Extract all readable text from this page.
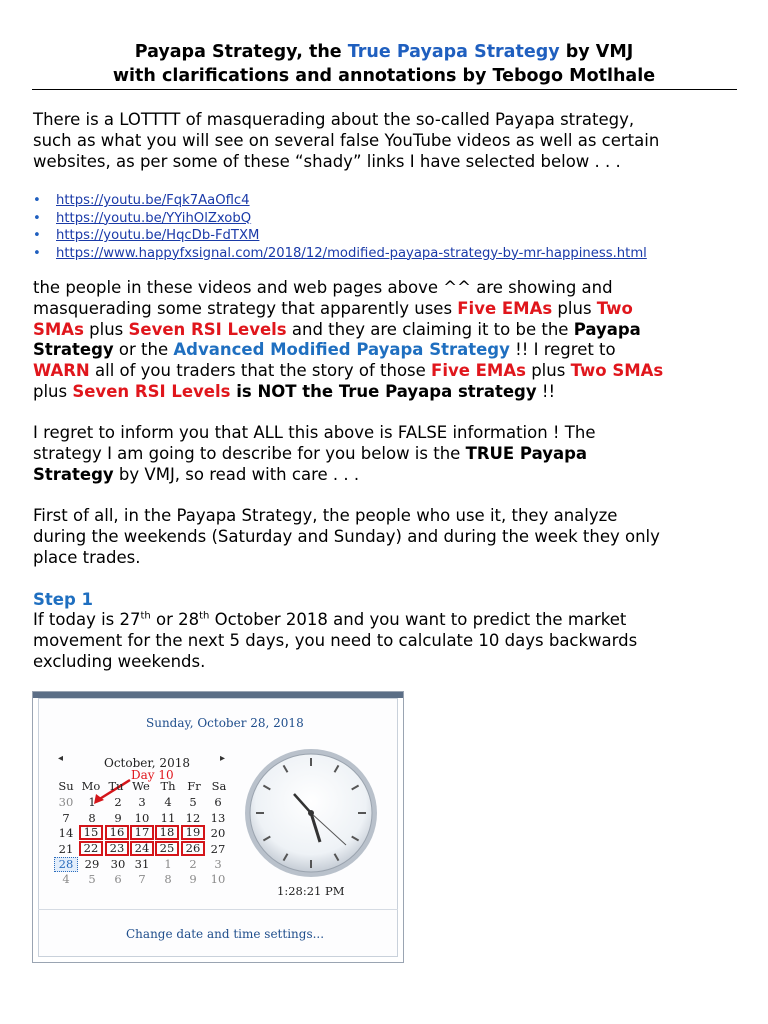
Payapa Strategy, the True Payapa Strategy by VMJ
with clarifications and annotations by Tebogo Motlhale
There is a LOTTTT of masquerading about the so-called Payapa strategy,
such as what you will see on several false YouTube videos as well as certain
websites, as per some of these “shady” links I have selected below . . .
• https://youtu.be/Fqk7AaOflc4
• https://youtu.be/YYihOlZxobQ
• https://youtu.be/HqcDb-FdTXM
• https://www.happyfxsignal.com/2018/12/modified-payapa-strategy-by-mr-happiness.html
the people in these videos and web pages above ^^ are showing and
masquerading some strategy that apparently uses Five EMAs plus Two
SMAs plus Seven RSI Levels and they are claiming it to be the Payapa
Strategy or the Advanced Modified Payapa Strategy !! I regret to
WARN all of you traders that the story of those Five EMAs plus Two SMAs
plus Seven RSI Levels is NOT the True Payapa strategy !!
I regret to inform you that ALL this above is FALSE information ! The
strategy I am going to describe for you below is the TRUE Payapa
Strategy by VMJ, so read with care . . .
First of all, in the Payapa Strategy, the people who use it, they analyze
during the weekends (Saturday and Sunday) and during the week they only
place trades.
Step 1
If today is 27th or 28th October 2018 and you want to predict the market
movement for the next 5 days, you need to calculate 10 days backwards
excluding weekends.
Sunday, October 28, 2018
◂	October, 2018	▸
Day 10
Su Mo Tu We Th	Fr Sa
30	1	2	3	4	5	6
7	8	9	10 11 12 13
14 15 16 17 18 19 20
21 22 23 24 25 26 27
28 29 30 31	1	2	3
4	5	6	7	8	9	10
1:28:21 PM
Change date and time settings...
